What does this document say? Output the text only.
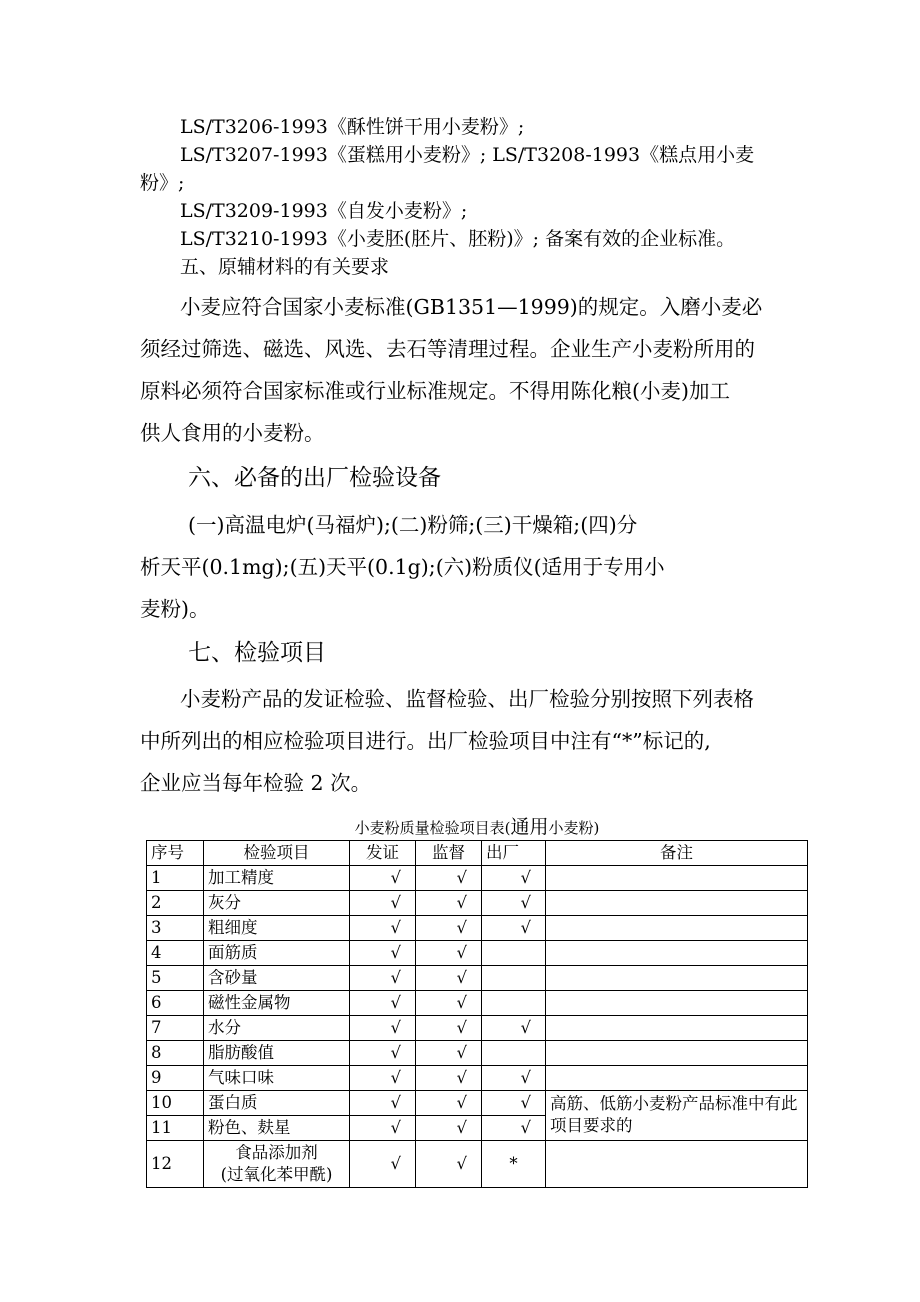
LS/T3206-1993《酥性饼干用小麦粉》;
LS/T3207-1993《蛋糕用小麦粉》; LS/T3208-1993《糕点用小麦
粉》;
LS/T3209-1993《自发小麦粉》;
LS/T3210-1993《小麦胚(胚片、胚粉)》; 备案有效的企业标准。
五、原辅材料的有关要求
小麦应符合国家小麦标准(GB1351—1999)的规定。入磨小麦必
须经过筛选、磁选、风选、去石等清理过程。企业生产小麦粉所用的
原料必须符合国家标准或行业标准规定。不得用陈化粮(小麦)加工
供人食用的小麦粉。
六、必备的出厂检验设备
(一)高温电炉(马福炉);(二)粉筛;(三)干燥箱;(四)分
析天平(0.1mg);(五)天平(0.1g);(六)粉质仪(适用于专用小
麦粉)。
七、检验项目
小麦粉产品的发证检验、监督检验、出厂检验分别按照下列表格
中所列出的相应检验项目进行。出厂检验项目中注有“*”标记的,
企业应当每年检验 2 次。
小麦粉质量检验项目表(通用小麦粉)
序号	检验项目	发证	监督	出厂	备注
1	加工精度	√	√	√	
2	灰分	√	√	√	
3	粗细度	√	√	√	
4	面筋质	√	√		
5	含砂量	√	√		
6	磁性金属物	√	√		
7	水分	√	√	√	
8	脂肪酸值	√	√		
9	气味口味	√	√	√	
10	蛋白质	√	√	√	高筋、低筋小麦粉产品标准中有此项目要求的
11	粉色、麸星	√	√	√	
12	食品添加剂
(过氧化苯甲酰)	√	√	*	
